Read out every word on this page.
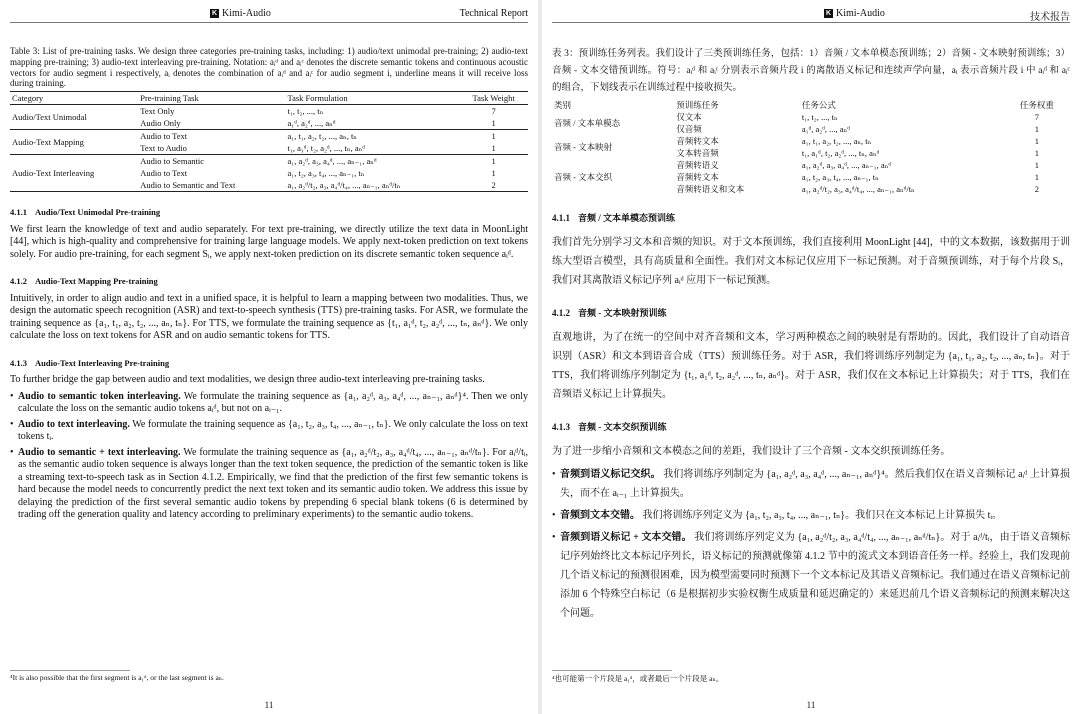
K Kimi-Audio	Technical Report
Table 3: List of pre-training tasks. We design three categories pre-training tasks, including: 1) audio/text unimodal pre-training; 2) audio-text mapping pre-training; 3) audio-text interleaving pre-training. Notation: aᵢᵈ and aᵢᶜ denotes the discrete semantic tokens and continuous acoustic vectors for audio segment i respectively, aᵢ denotes the combination of aᵢᵈ and aᵢᶜ for audio segment i, underline means it will receive loss during training.
Category	Pre-training Task	Task Formulation	Task Weight
Audio/Text Unimodal	Text Only	t₁, t₂, ..., tₙ	7
	Audio Only	a₁ᵈ, a₂ᵈ, ..., aₙᵈ	1
Audio-Text Mapping	Audio to Text	a₁, t₁, a₂, t₂, ..., aₙ, tₙ	1
	Text to Audio	t₁, a₁ᵈ, t₂, a₂ᵈ, ..., tₙ, aₙᵈ	1
Audio-Text Interleaving	Audio to Semantic	a₁, a₂ᵈ, a₃, a₄ᵈ, ..., aₙ₋₁, aₙᵈ	1
	Audio to Text	a₁, t₂, a₃, t₄, ..., aₙ₋₁, tₙ	1
	Audio to Semantic and Text	a₁, a₂ᵈ/t₂, a₃, a₄ᵈ/t₄, ..., aₙ₋₁, aₙᵈ/tₙ	2
4.1.1 Audio/Text Unimodal Pre-training

We first learn the knowledge of text and audio separately. For text pre-training, we directly utilize the text data in MoonLight [44], which is high-quality and comprehensive for training large language models. We apply next-token prediction on text tokens solely. For audio pre-training, for each segment Sᵢ, we apply next-token prediction on its discrete semantic token sequence aᵢᵈ.

4.1.2 Audio-Text Mapping Pre-training

Intuitively, in order to align audio and text in a unified space, it is helpful to learn a mapping between two modalities. Thus, we design the automatic speech recognition (ASR) and text-to-speech synthesis (TTS) pre-training tasks. For ASR, we formulate the training sequence as {a₁, t₁, a₂, t₂, ..., aₙ, tₙ}. For TTS, we formulate the training sequence as {t₁, a₁ᵈ, t₂, a₂ᵈ, ..., tₙ, aₙᵈ}. We only calculate the loss on text tokens for ASR and on audio semantic tokens for TTS.

4.1.3 Audio-Text Interleaving Pre-training

To further bridge the gap between audio and text modalities, we design three audio-text interleaving pre-training tasks.

• Audio to semantic token interleaving. We formulate the training sequence as {a₁, a₂ᵈ, a₃, a₄ᵈ, ..., aₙ₋₁, aₙᵈ}⁴. Then we only calculate the loss on the semantic audio tokens aᵢᵈ, but not on aᵢ₋₁.
• Audio to text interleaving. We formulate the training sequence as {a₁, t₂, a₃, t₄, ..., aₙ₋₁, tₙ}. We only calculate the loss on text tokens tᵢ.
• Audio to semantic + text interleaving. We formulate the training sequence as {a₁, a₂ᵈ/t₂, a₃, a₄ᵈ/t₄, ..., aₙ₋₁, aₙᵈ/tₙ}. For aᵢᵈ/tᵢ, as the semantic audio token sequence is always longer than the text token sequence, the prediction of the semantic token is like a streaming text-to-speech task as in Section 4.1.2. Empirically, we find that the prediction of the first few semantic tokens is hard because the model needs to concurrently predict the next text token and its semantic audio token. We address this issue by delaying the prediction of the first several semantic audio tokens by prepending 6 special blank tokens (6 is determined by trading off the generation quality and latency according to preliminary experiments) to the semantic audio tokens.
⁴It is also possible that the first segment is a₁ᵈ, or the last segment is aₙ.
11
K Kimi-Audio	技术报告
表 3：预训练任务列表。我们设计了三类预训练任务，包括：1）音频 / 文本单模态预训练；2）音频 - 文本映射预训练；3）音频 - 文本交错预训练。符号：aᵢᵈ 和 aᵢᶜ 分别表示音频片段 i 的离散语义标记和连续声学向量，aᵢ 表示音频片段 i 中 aᵢᵈ 和 aᵢᶜ 的组合，下划线表示在训练过程中接收损失。
类别	预训练任务	任务公式	任务权重
音频 / 文本单模态	仅文本	t₁, t₂, ..., tₙ	7
	仅音频	a₁ᵈ, a₂ᵈ, ..., aₙᵈ	1
音频 - 文本映射	音频转文本	a₁, t₁, a₂, t₂, ..., aₙ, tₙ	1
	文本转音频	t₁, a₁ᵈ, t₂, a₂ᵈ, ..., tₙ, aₙᵈ	1
音频 - 文本交织	音频转语义	a₁, a₂ᵈ, a₃, a₄ᵈ, ..., aₙ₋₁, aₙᵈ	1
	音频转文本	a₁, t₂, a₃, t₄, ..., aₙ₋₁, tₙ	1
	音频转语义和文本	a₁, a₂ᵈ/t₂, a₃, a₄ᵈ/t₄, ..., aₙ₋₁, aₙᵈ/tₙ	2
4.1.1 音频 / 文本单模态预训练

我们首先分别学习文本和音频的知识。对于文本预训练，我们直接利用 MoonLight [44]，中的文本数据，该数据用于训练大型语言模型，具有高质量和全面性。我们对文本标记仅应用下一标记预测。对于音频预训练，对于每个片段 Sᵢ，我们对其离散语义标记序列 aᵢᵈ 应用下一标记预测。

4.1.2 音频 - 文本映射预训练

直观地讲，为了在统一的空间中对齐音频和文本，学习两种模态之间的映射是有帮助的。因此，我们设计了自动语音识别（ASR）和文本到语音合成（TTS）预训练任务。对于 ASR，我们将训练序列制定为 {a₁, t₁, a₂, t₂, ..., aₙ, tₙ}。对于 TTS，我们将训练序列制定为 {t₁, a₁ᵈ, t₂, a₂ᵈ, ..., tₙ, aₙᵈ}。对于 ASR，我们仅在文本标记上计算损失；对于 TTS，我们在音频语义标记上计算损失。

4.1.3 音频 - 文本交织预训练

为了进一步缩小音频和文本模态之间的差距，我们设计了三个音频 - 文本交织预训练任务。

• 音频到语义标记交织。 我们将训练序列制定为 {a₁, a₂ᵈ, a₃, a₄ᵈ, ..., aₙ₋₁, aₙᵈ}⁴。然后我们仅在语义音频标记 aᵢᵈ 上计算损失，而不在 aᵢ₋₁ 上计算损失。
• 音频到文本交错。 我们将训练序列定义为 {a₁, t₂, a₃, t₄, ..., aₙ₋₁, tₙ}。我们只在文本标记上计算损失 tᵢ。
• 音频到语义标记 + 文本交错。 我们将训练序列定义为 {a₁, a₂ᵈ/t₂, a₃, a₄ᵈ/t₄, ..., aₙ₋₁, aₙᵈ/tₙ}。对于 aᵢᵈ/tᵢ，由于语义音频标记序列始终比文本标记序列长，语义标记的预测就像第 4.1.2 节中的流式文本到语音任务一样。经验上，我们发现前几个语义标记的预测很困难，因为模型需要同时预测下一个文本标记及其语义音频标记。我们通过在语义音频标记前添加 6 个特殊空白标记（6 是根据初步实验权衡生成质量和延迟确定的）来延迟前几个语义音频标记的预测来解决这个问题。
⁴也可能第一个片段是 a₁ᵈ，或者最后一个片段是 aₙ。
11
